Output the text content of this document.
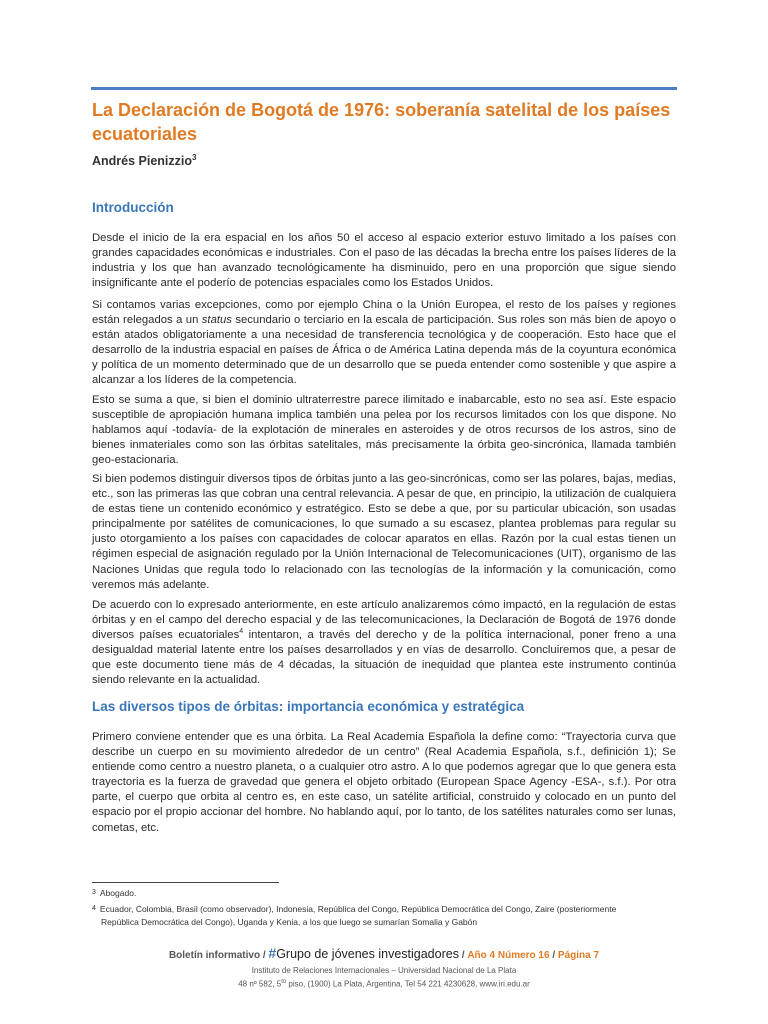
La Declaración de Bogotá de 1976: soberanía satelital de los países ecuatoriales

Andrés Pienizzio$^3$

Introducción

Desde el inicio de la era espacial en los años 50 el acceso al espacio exterior estuvo limitado a los países con grandes capacidades económicas e industriales. Con el paso de las décadas la brecha entre los países líderes de la industria y los que han avanzado tecnológicamente ha disminuido, pero en una proporción que sigue siendo insignificante ante el poderío de potencias espaciales como los Estados Unidos.

Si contamos varias excepciones, como por ejemplo China o la Unión Europea, el resto de los países y regiones están relegados a un status secundario o terciario en la escala de participación. Sus roles son más bien de apoyo o están atados obligatoriamente a una necesidad de transferencia tecnológica y de cooperación. Esto hace que el desarrollo de la industria espacial en países de África o de América Latina dependa más de la coyuntura económica y política de un momento determinado que de un desarrollo que se pueda entender como sostenible y que aspire a alcanzar a los líderes de la competencia.

Esto se suma a que, si bien el dominio ultraterrestre parece ilimitado e inabarcable, esto no sea así. Este espacio susceptible de apropiación humana implica también una pelea por los recursos limitados con los que dispone. No hablamos aquí -todavía- de la explotación de minerales en asteroides y de otros recursos de los astros, sino de bienes inmateriales como son las órbitas satelitales, más precisamente la órbita geo-sincrónica, llamada también geo-estacionaria.

Si bien podemos distinguir diversos tipos de órbitas junto a las geo-sincrónicas, como ser las polares, bajas, medias, etc., son las primeras las que cobran una central relevancia. A pesar de que, en principio, la utilización de cualquiera de estas tiene un contenido económico y estratégico. Esto se debe a que, por su particular ubicación, son usadas principalmente por satélites de comunicaciones, lo que sumado a su escasez, plantea problemas para regular su justo otorgamiento a los países con capacidades de colocar aparatos en ellas. Razón por la cual estas tienen un régimen especial de asignación regulado por la Unión Internacional de Telecomunicaciones (UIT), organismo de las Naciones Unidas que regula todo lo relacionado con las tecnologías de la información y la comunicación, como veremos más adelante.

De acuerdo con lo expresado anteriormente, en este artículo analizaremos cómo impactó, en la regulación de estas órbitas y en el campo del derecho espacial y de las telecomunicaciones, la Declaración de Bogotá de 1976 donde diversos países ecuatoriales$^4$ intentaron, a través del derecho y de la política internacional, poner freno a una desigualdad material latente entre los países desarrollados y en vías de desarrollo. Concluiremos que, a pesar de que este documento tiene más de 4 décadas, la situación de inequidad que plantea este instrumento continúa siendo relevante en la actualidad.

Las diversos tipos de órbitas: importancia económica y estratégica

Primero conviene entender que es una órbita. La Real Academia Española la define como: “Trayectoria curva que describe un cuerpo en su movimiento alrededor de un centro” (Real Academia Española, s.f., definición 1); Se entiende como centro a nuestro planeta, o a cualquier otro astro. A lo que podemos agregar que lo que genera esta trayectoria es la fuerza de gravedad que genera el objeto orbitado (European Space Agency -ESA-, s.f.). Por otra parte, el cuerpo que orbita al centro es, en este caso, un satélite artificial, construido y colocado en un punto del espacio por el propio accionar del hombre. No hablando aquí, por lo tanto, de los satélites naturales como ser lunas, cometas, etc.

$^3$ Abogado.

$^4$ Ecuador, Colombia, Brasil (como observador), Indonesia, República del Congo, República Democrática del Congo, Zaire (posteriormente
República Democrática del Congo), Uganda y Kenia, a los que luego se sumarían Somalia y Gabón

Boletín informativo / #Grupo de jóvenes investigadores / Año 4 Número 16 / Página 7
Instituto de Relaciones Internacionales – Universidad Nacional de La Plata
48 nº 582, $5^{to}$ piso, (1900) La Plata, Argentina, Tel 54 221 4230628, www.iri.edu.ar
